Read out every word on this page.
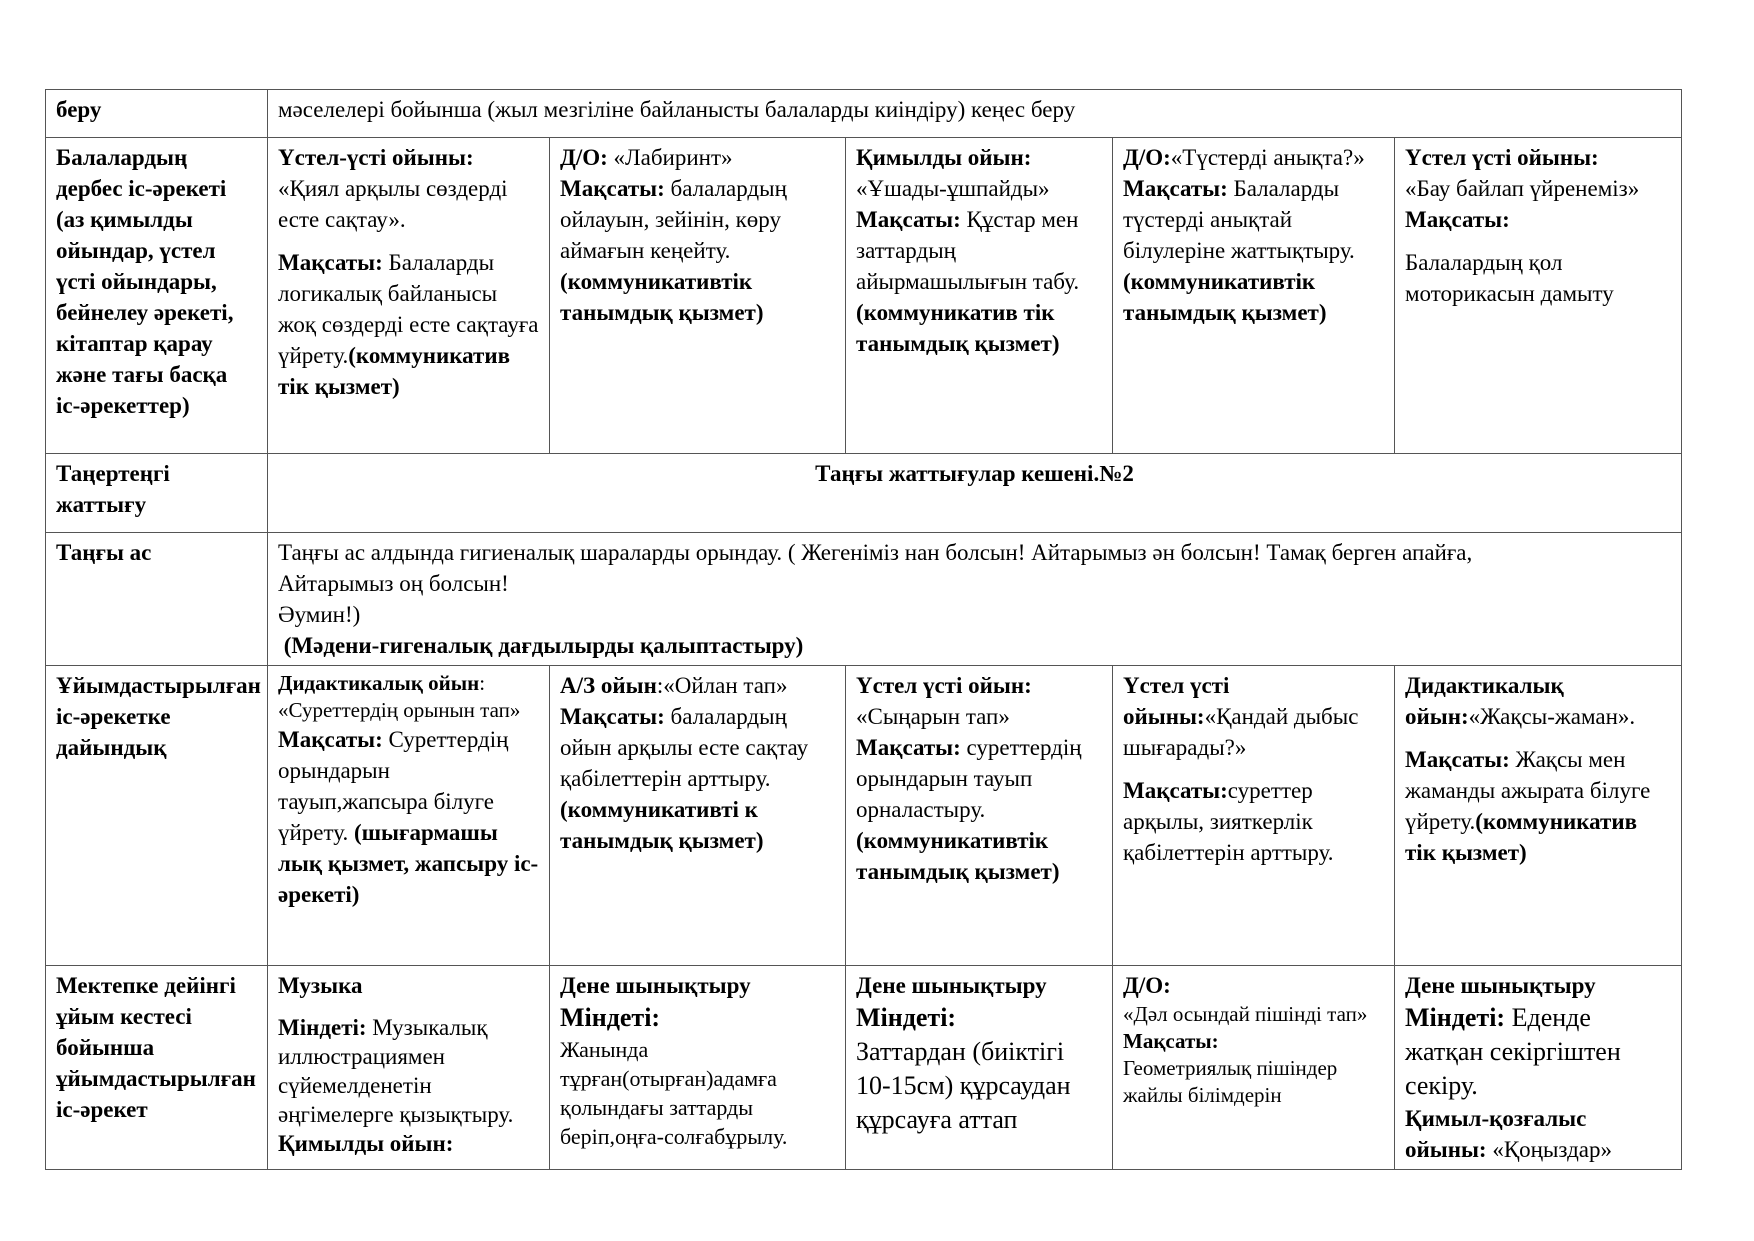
беру	мәселелері бойынша (жыл мезгіліне байланысты балаларды киіндіру) кеңес беру				
Балалардың дербес іс-әрекеті (аз қимылды ойындар, үстел үсті ойындары, бейнелеу әрекеті, кітаптар қарау және тағы басқа іс-әрекеттер)	Үстел-үсті ойыны:
«Қиял арқылы сөздерді есте сақтау».
Мақсаты: Балаларды логикалық байланысы жоқ сөздерді есте сақтауға үйрету.(коммуникатив тік қызмет)	Д/О: «Лабиринт»
Мақсаты: балалардың ойлауын, зейінін, көру аймағын кеңейту.
(коммуникативтік танымдық қызмет)	Қимылды ойын:
«Ұшады-ұшпайды»
Мақсаты: Құстар мен заттардың айырмашылығын табу.(коммуникатив тік танымдық қызмет)	Д/О:«Түстерді анықта?» Мақсаты: Балаларды түстерді анықтай білулеріне жаттықтыру.
(коммуникативтік танымдық қызмет)	Үстел үсті ойыны:
«Бау байлап үйренеміз»
Мақсаты:
Балалардың қол моторикасын дамыту

Таңертеңгі жаттығу	Таңғы жаттығулар кешені.№2				
Таңғы ас	Таңғы ас алдында гигиеналық шараларды орындау. ( Жегеніміз нан болсын! Айтарымыз ән болсын! Тамақ берген апайға,
Айтарымыз оң болсын!
Әумин!)
(Мәдени-гигеналық дағдылырды қалыптастыру)				

Ұйымдастырылған іс-әрекетке дайындық	Дидактикалық ойын:
«Суреттердің орынын тап»
Мақсаты: Суреттердің орындарын тауып,жапсыра білуге үйрету. (шығармашы лық қызмет, жапсыру іс-әрекеті)	А/З ойын:«Ойлан тап» Мақсаты: балалардың ойын арқылы есте сақтау қабілеттерін арттыру.(коммуникативті к танымдық қызмет)	Үстел үсті ойын:
«Сыңарын тап»
Мақсаты: суреттердің орындарын тауып орналастыру.
(коммуникативтік танымдық қызмет)	Үстел үсті ойыны:«Қандай дыбыс шығарады?»
Мақсаты:суреттер арқылы, зияткерлік қабілеттерін арттыру.	Дидактикалық ойын:«Жақсы-жаман».
Мақсаты: Жақсы мен жаманды ажырата білуге үйрету.(коммуникатив тік қызмет)

Мектепке дейінгі ұйым кестесі бойынша ұйымдастырылған іс-әрекет	Музыка
Міндеті: Музыкалық иллюстрациямен сүйемелденетін әңгімелерге қызықтыру.
Қимылды ойын:	Дене шынықтыру
Міндеті:
Жанында тұрған(отырған)адамға қолындағы заттарды беріп,оңға-солғабұрылу.	Дене шынықтыру
Міндеті:
Заттардан (биіктігі 10-15см) құрсаудан құрсауға аттап	Д/О:
«Дәл осындай пішінді тап»
Мақсаты:
Геометриялық пішіндер жайлы білімдерін	Дене шынықтыру
Міндеті: Еденде жатқан секіргіштен секіру.
Қимыл-қозғалыс ойыны: «Қоңыздар»
